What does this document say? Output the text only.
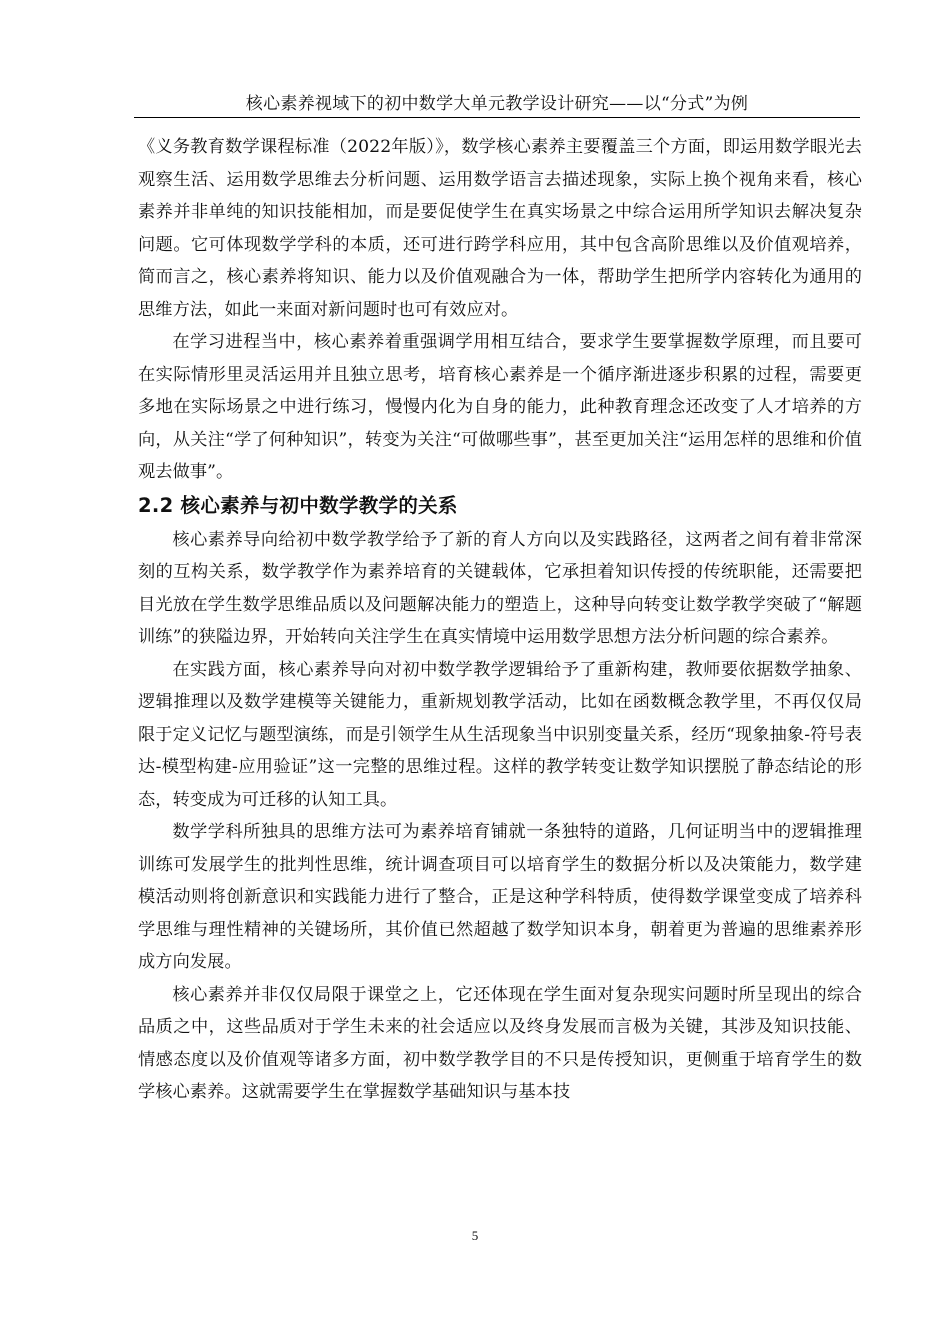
核心素养视域下的初中数学大单元教学设计研究——以“分式”为例

《义务教育数学课程标准（2022年版）》，数学核心素养主要覆盖三个方面，即运用数学眼光去观察生活、运用数学思维去分析问题、运用数学语言去描述现象，实际上换个视角来看，核心素养并非单纯的知识技能相加，而是要促使学生在真实场景之中综合运用所学知识去解决复杂问题。它可体现数学学科的本质，还可进行跨学科应用，其中包含高阶思维以及价值观培养，简而言之，核心素养将知识、能力以及价值观融合为一体，帮助学生把所学内容转化为通用的思维方法，如此一来面对新问题时也可有效应对。

在学习进程当中，核心素养着重强调学用相互结合，要求学生要掌握数学原理，而且要可在实际情形里灵活运用并且独立思考，培育核心素养是一个循序渐进逐步积累的过程，需要更多地在实际场景之中进行练习，慢慢内化为自身的能力，此种教育理念还改变了人才培养的方向，从关注“学了何种知识”，转变为关注“可做哪些事”，甚至更加关注“运用怎样的思维和价值观去做事”。

2.2 核心素养与初中数学教学的关系

核心素养导向给初中数学教学给予了新的育人方向以及实践路径，这两者之间有着非常深刻的互构关系，数学教学作为素养培育的关键载体，它承担着知识传授的传统职能，还需要把目光放在学生数学思维品质以及问题解决能力的塑造上，这种导向转变让数学教学突破了“解题训练”的狭隘边界，开始转向关注学生在真实情境中运用数学思想方法分析问题的综合素养。

在实践方面，核心素养导向对初中数学教学逻辑给予了重新构建，教师要依据数学抽象、逻辑推理以及数学建模等关键能力，重新规划教学活动，比如在函数概念教学里，不再仅仅局限于定义记忆与题型演练，而是引领学生从生活现象当中识别变量关系，经历“现象抽象-符号表达-模型构建-应用验证”这一完整的思维过程。这样的教学转变让数学知识摆脱了静态结论的形态，转变成为可迁移的认知工具。

数学学科所独具的思维方法可为素养培育铺就一条独特的道路，几何证明当中的逻辑推理训练可发展学生的批判性思维，统计调查项目可以培育学生的数据分析以及决策能力，数学建模活动则将创新意识和实践能力进行了整合，正是这种学科特质，使得数学课堂变成了培养科学思维与理性精神的关键场所，其价值已然超越了数学知识本身，朝着更为普遍的思维素养形成方向发展。

核心素养并非仅仅局限于课堂之上，它还体现在学生面对复杂现实问题时所呈现出的综合品质之中，这些品质对于学生未来的社会适应以及终身发展而言极为关键，其涉及知识技能、情感态度以及价值观等诸多方面，初中数学教学目的不只是传授知识，更侧重于培育学生的数学核心素养。这就需要学生在掌握数学基础知识与基本技

5
